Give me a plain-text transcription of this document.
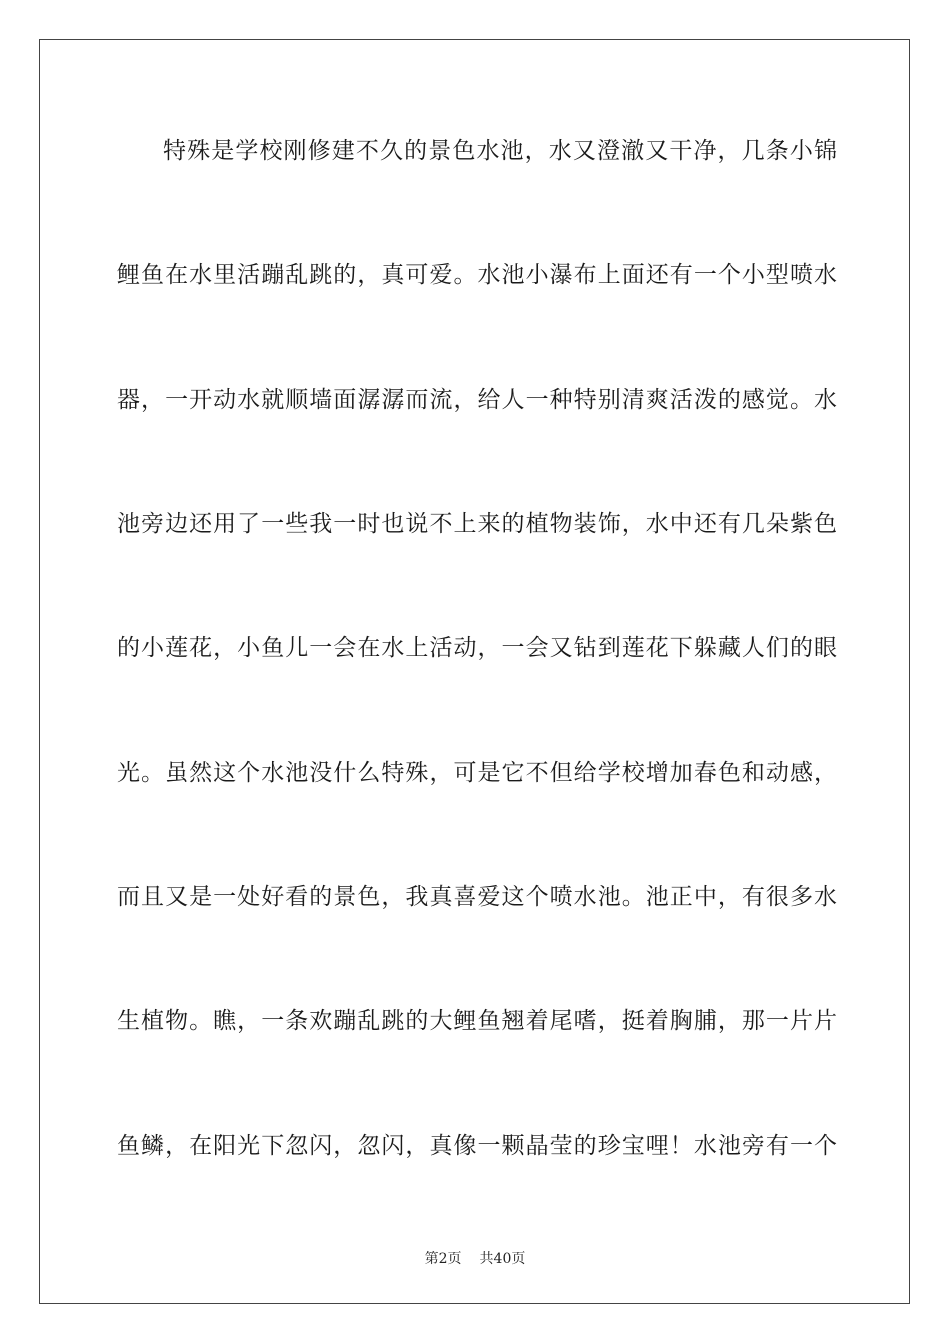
特殊是学校刚修建不久的景色水池，水又澄澈又干净，几条小锦
鲤鱼在水里活蹦乱跳的，真可爱。水池小瀑布上面还有一个小型喷水
器，一开动水就顺墙面潺潺而流，给人一种特别清爽活泼的感觉。水
池旁边还用了一些我一时也说不上来的植物装饰，水中还有几朵紫色
的小莲花，小鱼儿一会在水上活动，一会又钻到莲花下躲藏人们的眼
光。虽然这个水池没什么特殊，可是它不但给学校增加春色和动感，
而且又是一处好看的景色，我真喜爱这个喷水池。池正中，有很多水
生植物。瞧，一条欢蹦乱跳的大鲤鱼翘着尾嗜，挺着胸脯，那一片片
鱼鳞，在阳光下忽闪，忽闪，真像一颗晶莹的珍宝哩！水池旁有一个
第2页 共40页
